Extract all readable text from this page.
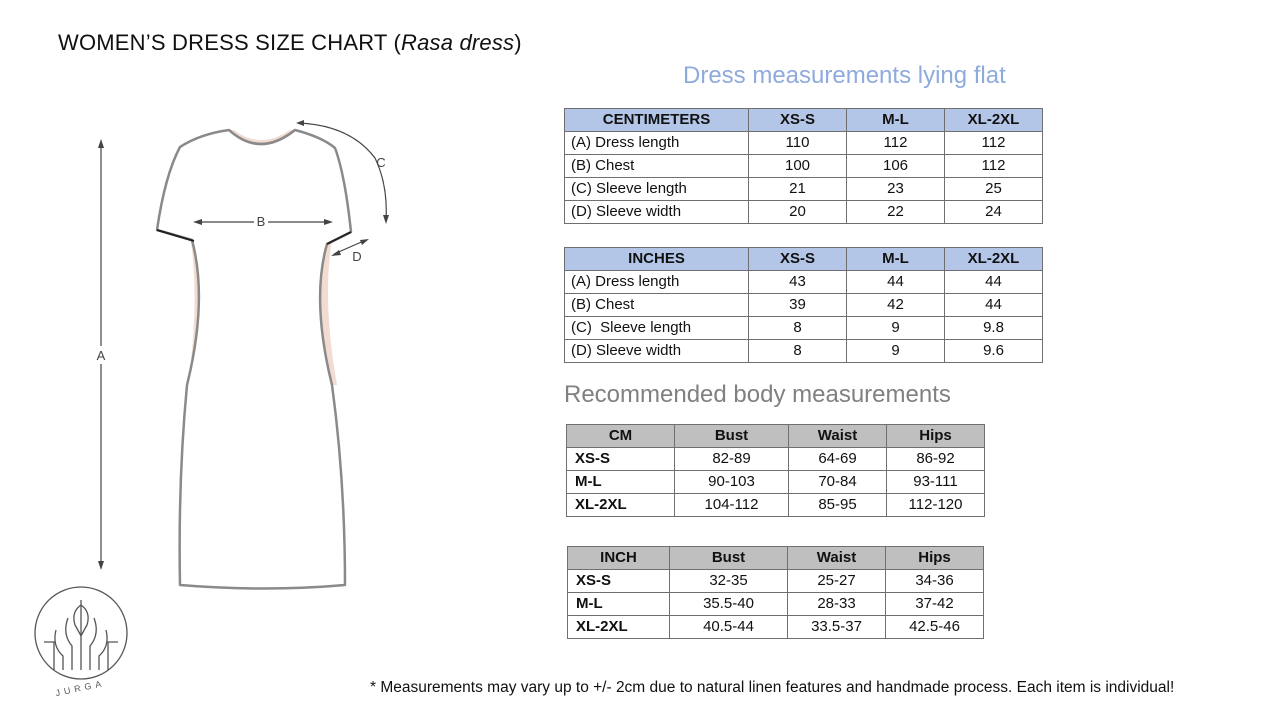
WOMEN’S DRESS SIZE CHART (Rasa dress)
A
B
C
D
JURGA
Dress measurements lying flat
CENTIMETERS	XS-S	M-L	XL-2XL
(A) Dress length	110	112	112
(B) Chest	100	106	112
(C) Sleeve length	21	23	25
(D) Sleeve width	20	22	24
INCHES	XS-S	M-L	XL-2XL
(A) Dress length	43	44	44
(B) Chest	39	42	44
(C)  Sleeve length	8	9	9.8
(D) Sleeve width	8	9	9.6
Recommended body measurements
CM	Bust	Waist	Hips
XS-S	82-89	64-69	86-92
M-L	90-103	70-84	93-111
XL-2XL	104-112	85-95	112-120
INCH	Bust	Waist	Hips
XS-S	32-35	25-27	34-36
M-L	35.5-40	28-33	37-42
XL-2XL	40.5-44	33.5-37	42.5-46
* Measurements may vary up to +/- 2cm due to natural linen features and handmade process. Each item is individual!
